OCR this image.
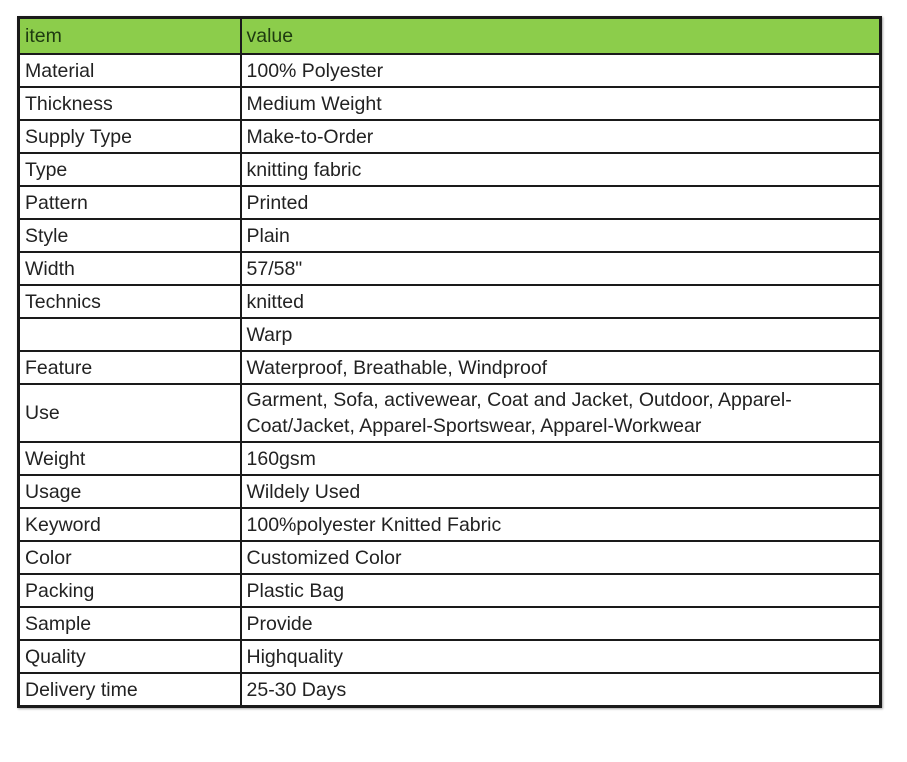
item	value
Material	100% Polyester
Thickness	Medium Weight
Supply Type	Make-to-Order
Type	knitting fabric
Pattern	Printed
Style	Plain
Width	57/58"
Technics	knitted
	Warp
Feature	Waterproof, Breathable, Windproof
Use	Garment, Sofa, activewear, Coat and Jacket, Outdoor, Apparel-Coat/Jacket, Apparel-Sportswear, Apparel-Workwear
Weight	160gsm
Usage	Wildely Used
Keyword	100%polyester Knitted Fabric
Color	Customized Color
Packing	Plastic Bag
Sample	Provide
Quality	Highquality
Delivery time	25-30 Days
